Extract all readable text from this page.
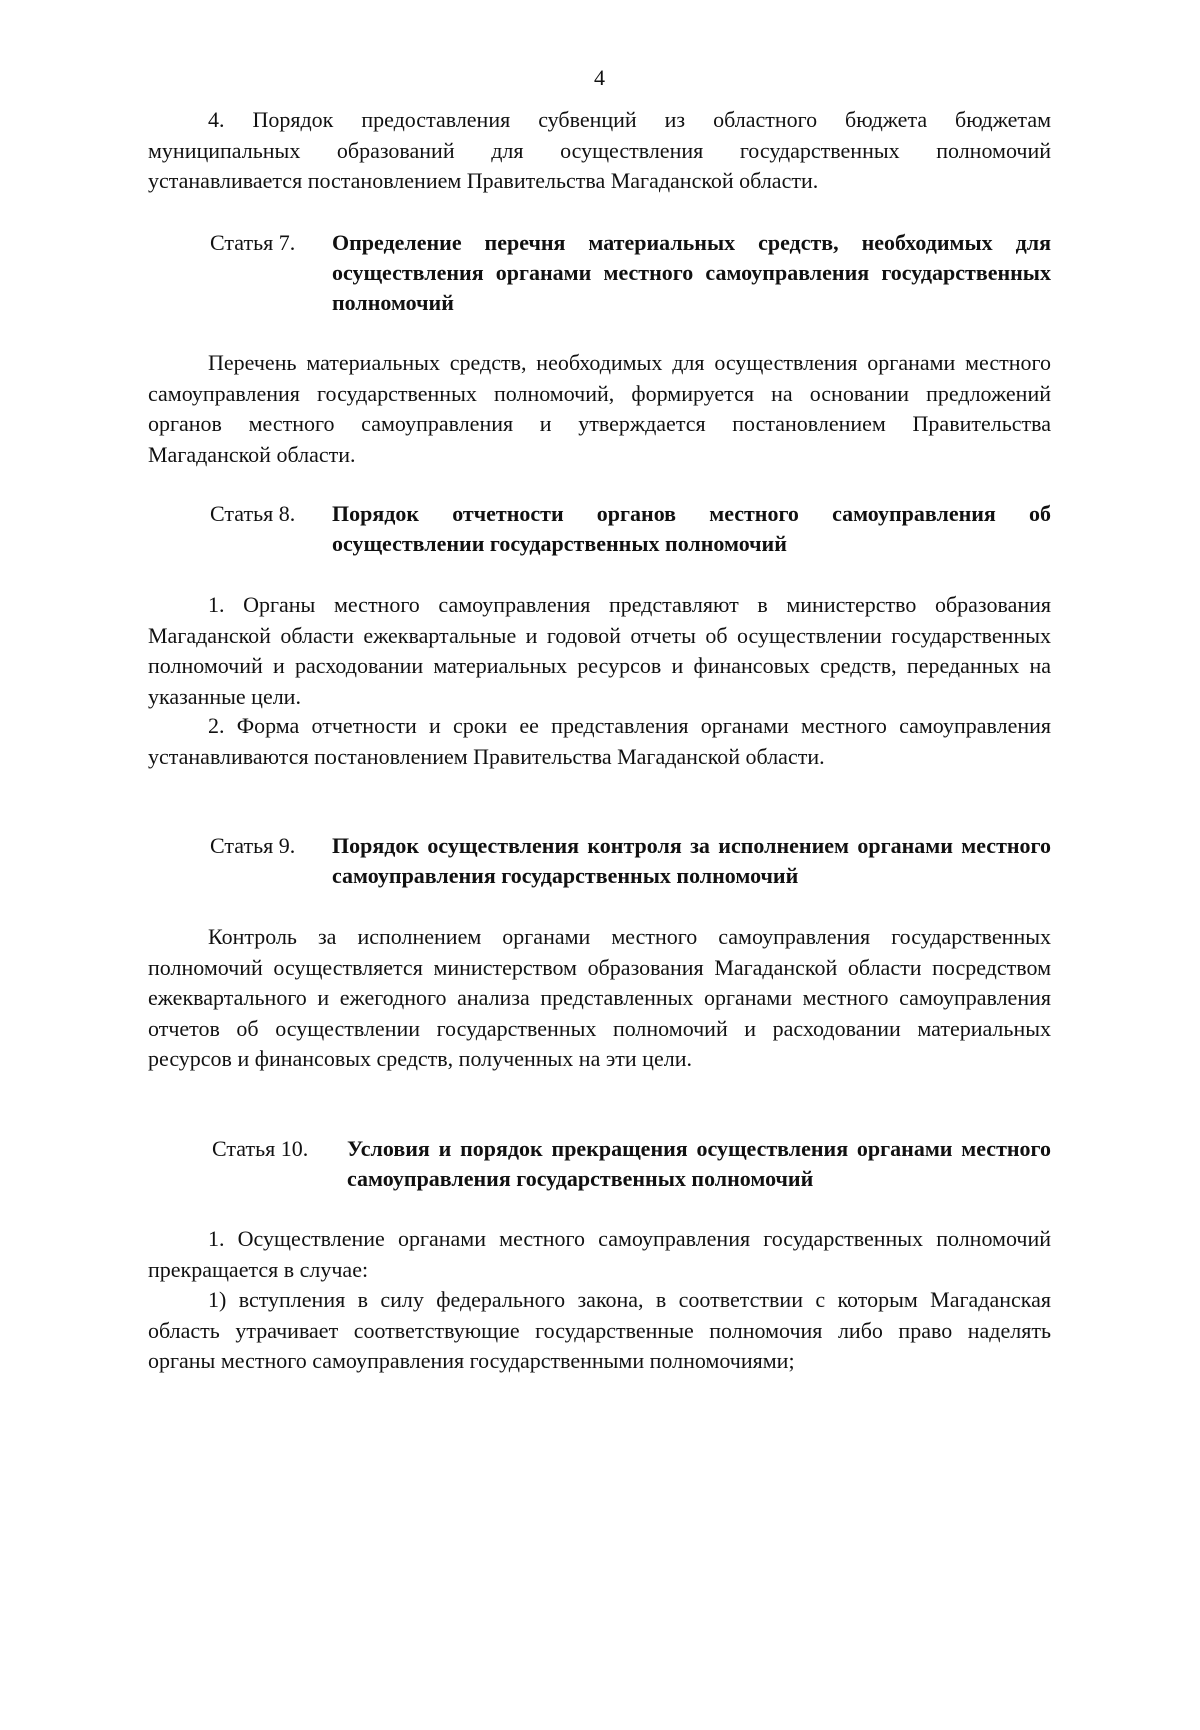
4

4. Порядок предоставления субвенций из областного бюджета бюджетам муниципальных образований для осуществления государственных полномочий устанавливается постановлением Правительства Магаданской области.

Статья 7. Определение перечня материальных средств, необходимых для осуществления органами местного самоуправления государственных полномочий

Перечень материальных средств, необходимых для осуществления органами местного самоуправления государственных полномочий, формируется на основании предложений органов местного самоуправления и утверждается постановлением Правительства Магаданской области.

Статья 8. Порядок отчетности органов местного самоуправления об осуществлении государственных полномочий

1. Органы местного самоуправления представляют в министерство образования Магаданской области ежеквартальные и годовой отчеты об осуществлении государственных полномочий и расходовании материальных ресурсов и финансовых средств, переданных на указанные цели.

2. Форма отчетности и сроки ее представления органами местного самоуправления устанавливаются постановлением Правительства Магаданской области.

Статья 9. Порядок осуществления контроля за исполнением органами местного самоуправления государственных полномочий

Контроль за исполнением органами местного самоуправления государственных полномочий осуществляется министерством образования Магаданской области посредством ежеквартального и ежегодного анализа представленных органами местного самоуправления отчетов об осуществлении государственных полномочий и расходовании материальных ресурсов и финансовых средств, полученных на эти цели.

Статья 10. Условия и порядок прекращения осуществления органами местного самоуправления государственных полномочий

1. Осуществление органами местного самоуправления государственных полномочий прекращается в случае:

1) вступления в силу федерального закона, в соответствии с которым Магаданская область утрачивает соответствующие государственные полномочия либо право наделять органы местного самоуправления государственными полномочиями;
